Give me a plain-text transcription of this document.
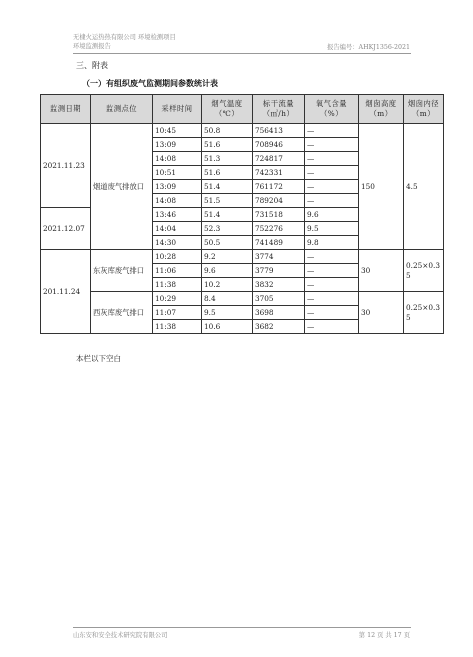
无棣火运热热有限公司 环境检测项目
环境监测报告	报告编号：AHKJ1356-2021
三、附表
（一）有组织废气监测期间参数统计表
监测日期	监测点位	采样时间	烟气温度（℃）	标干流量（㎥/h）	氧气含量（%）	烟囱高度（m）	烟囱内径（m）
2021.11.23	烟道废气排放口	10:45	50.8	756413	—	150	4.5
		13:09	51.6	708946	—		
		14:08	51.3	724817	—		
		10:51	51.6	742331	—		
		13:09	51.4	761172	—		
		14:08	51.5	789204	—		
2021.12.07		13:46	51.4	731518	9.6		
		14:04	52.3	752276	9.5		
		14:30	50.5	741489	9.8		
201.11.24	东灰库废气排口	10:28	9.2	3774	—	30	0.25×0.35
		11:06	9.6	3779	—		
		11:38	10.2	3832	—		
	西灰库废气排口	10:29	8.4	3705	—	30	0.25×0.35
		11:07	9.5	3698	—		
		11:38	10.6	3682	—		
本栏以下空白
山东安和安全技术研究院有限公司	第 12 页 共 17 页
